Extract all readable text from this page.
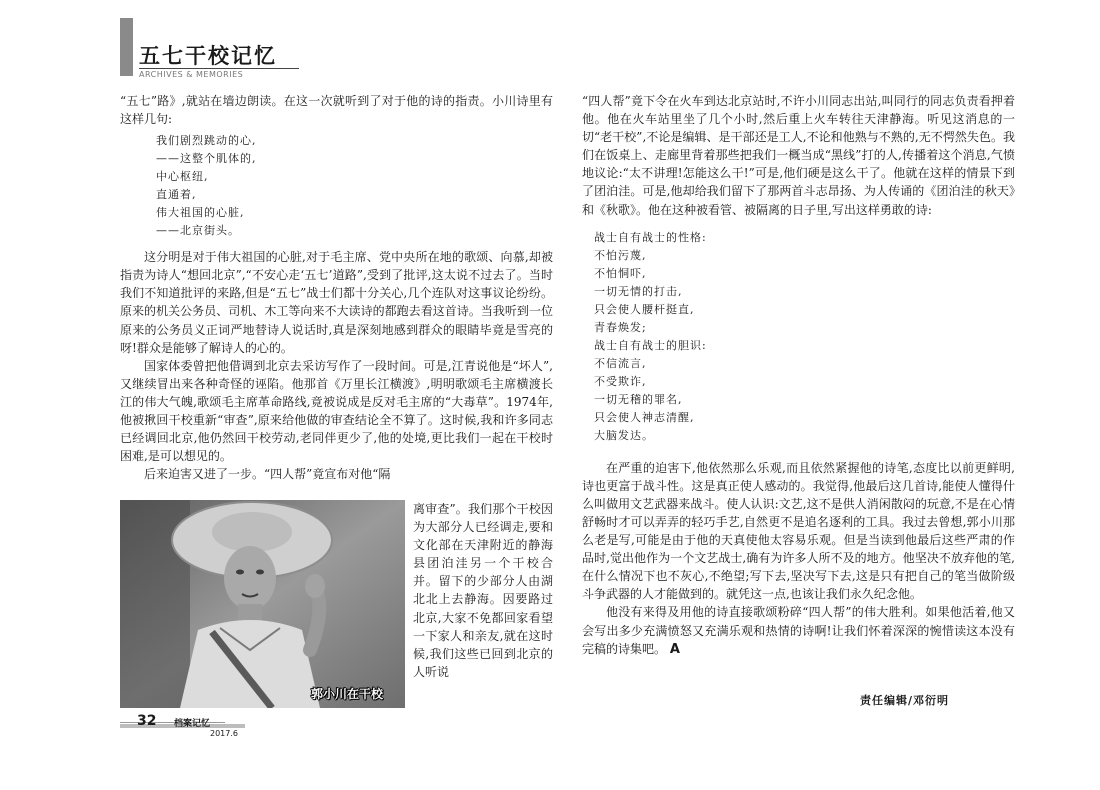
五七干校记忆
ARCHIVES & MEMORIES

“五七”路》,就站在墙边朗读。在这一次就听到了对于他的诗的指责。小川诗里有这样几句:

我们剧烈跳动的心,
——这整个肌体的,
中心枢纽,
直通着,
伟大祖国的心脏,
——北京街头。

这分明是对于伟大祖国的心脏,对于毛主席、党中央所在地的歌颂、向慕,却被指责为诗人“想回北京”,“不安心走‘五七’道路”,受到了批评,这太说不过去了。当时我们不知道批评的来路,但是“五七”战士们都十分关心,几个连队对这事议论纷纷。原来的机关公务员、司机、木工等向来不大读诗的都跑去看这首诗。当我听到一位原来的公务员义正词严地替诗人说话时,真是深刻地感到群众的眼睛毕竟是雪亮的呀!群众是能够了解诗人的心的。

国家体委曾把他借调到北京去采访写作了一段时间。可是,江青说他是“坏人”,又继续冒出来各种奇怪的诬陷。他那首《万里长江横渡》,明明歌颂毛主席横渡长江的伟大气魄,歌颂毛主席革命路线,竟被说成是反对毛主席的“大毒草”。1974年,他被揪回干校重新“审查”,原来给他做的审查结论全不算了。这时候,我和许多同志已经调回北京,他仍然回干校劳动,老同伴更少了,他的处境,更比我们一起在干校时困难,是可以想见的。

后来迫害又进了一步。“四人帮”竟宣布对他“隔

郭小川在干校

离审查”。我们那个干校因为大部分人已经调走,要和文化部在天津附近的静海县团泊洼另一个干校合并。留下的少部分人由湖北北上去静海。因要路过北京,大家不免都回家看望一下家人和亲友,就在这时候,我们这些已回到北京的人听说

“四人帮”竟下令在火车到达北京站时,不许小川同志出站,叫同行的同志负责看押着他。他在火车站里坐了几个小时,然后重上火车转往天津静海。听见这消息的一切“老干校”,不论是编辑、是干部还是工人,不论和他熟与不熟的,无不愕然失色。我们在饭桌上、走廊里背着那些把我们一概当成“黑线”打的人,传播着这个消息,气愤地议论:“太不讲理!怎能这么干!”可是,他们硬是这么干了。他就在这样的情景下到了团泊洼。可是,他却给我们留下了那两首斗志昂扬、为人传诵的《团泊洼的秋天》和《秋歌》。他在这种被看管、被隔离的日子里,写出这样勇敢的诗:

战士自有战士的性格:
不怕污蔑,
不怕恫吓,
一切无情的打击,
只会使人腰杆挺直,
青春焕发;
战士自有战士的胆识:
不信流言,
不受欺诈,
一切无稽的罪名,
只会使人神志清醒,
大脑发达。

在严重的迫害下,他依然那么乐观,而且依然紧握他的诗笔,态度比以前更鲜明,诗也更富于战斗性。这是真正使人感动的。我觉得,他最后这几首诗,能使人懂得什么叫做用文艺武器来战斗。使人认识:文艺,这不是供人消闲散闷的玩意,不是在心情舒畅时才可以弄弄的轻巧手艺,自然更不是追名逐利的工具。我过去曾想,郭小川那么老是写,可能是由于他的天真使他太容易乐观。但是当读到他最后这些严肃的作品时,觉出他作为一个文艺战士,确有为许多人所不及的地方。他坚决不放弃他的笔,在什么情况下也不灰心,不绝望;写下去,坚决写下去,这是只有把自己的笔当做阶级斗争武器的人才能做到的。就凭这一点,也该让我们永久纪念他。

他没有来得及用他的诗直接歌颂粉碎“四人帮”的伟大胜利。如果他活着,他又会写出多少充满愤怒又充满乐观和热情的诗啊!让我们怀着深深的惋惜读这本没有完稿的诗集吧。 A

责任编辑/邓衍明
32 档案记忆
2017.6
